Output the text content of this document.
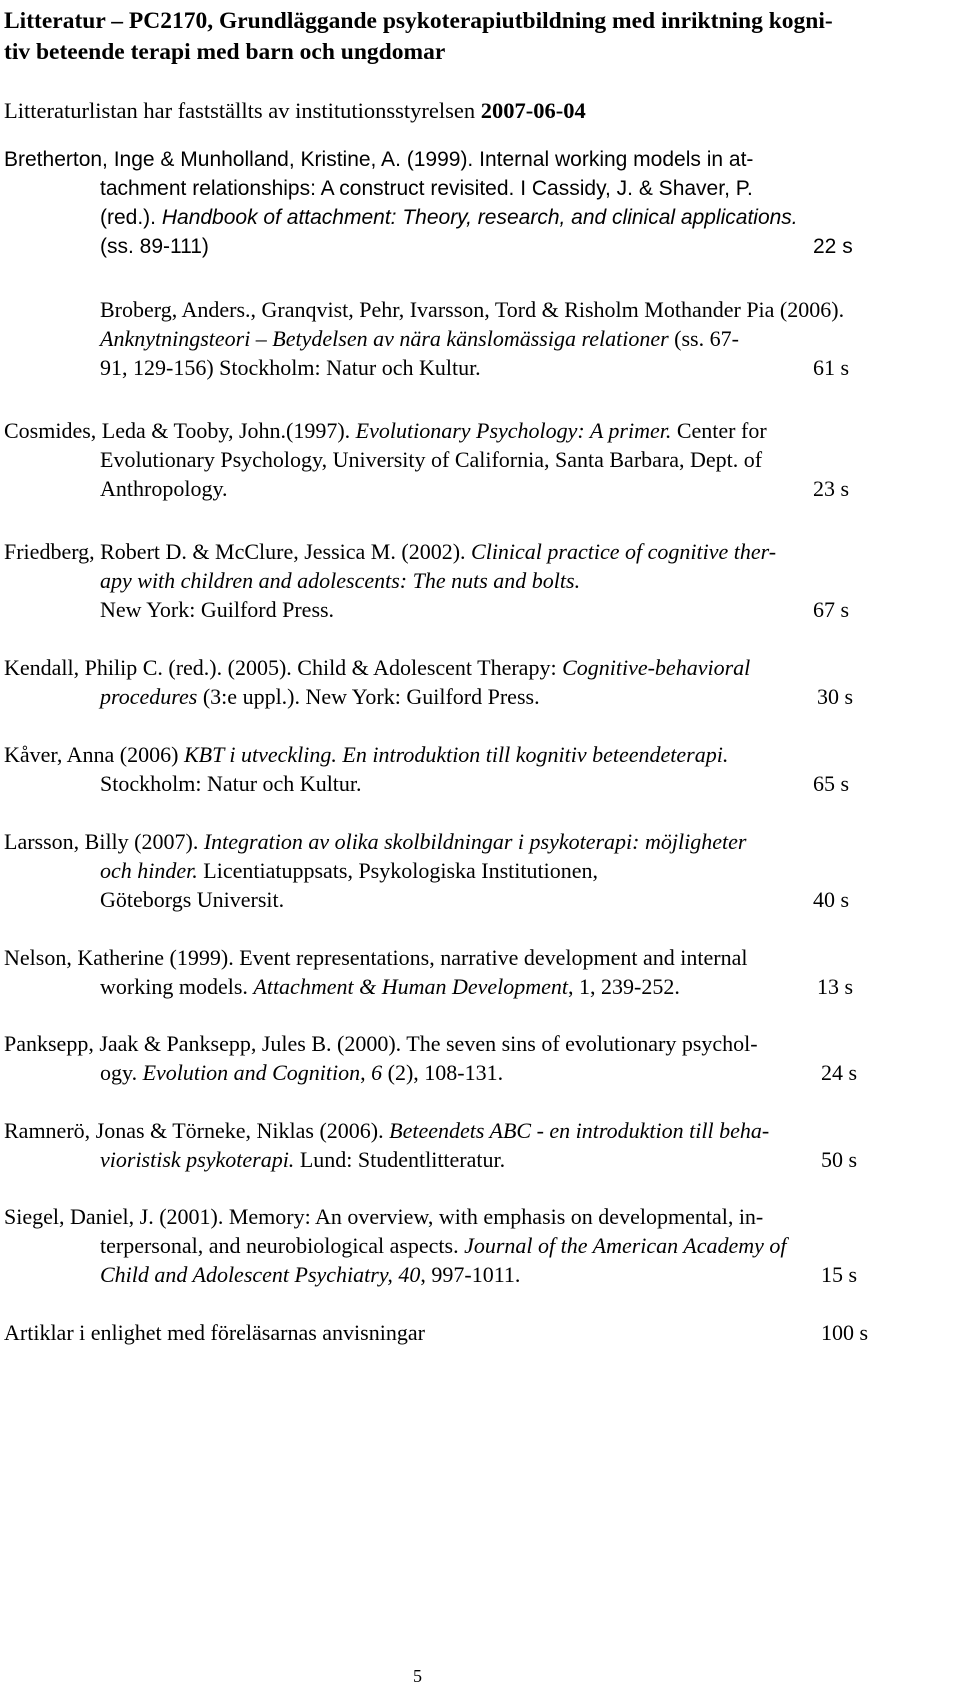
Litteratur – PC2170, Grundläggande psykoterapiutbildning med inriktning kogni-
tiv beteende terapi med barn och ungdomar
Litteraturlistan har fastställts av institutionsstyrelsen 2007-06-04
Bretherton, Inge & Munholland, Kristine, A. (1999). Internal working models in at-
tachment relationships: A construct revisited. I Cassidy, J. & Shaver, P.
(red.). Handbook of attachment: Theory, research, and clinical applications.
(ss. 89-111)	22 s
Broberg, Anders., Granqvist, Pehr, Ivarsson, Tord & Risholm Mothander Pia (2006).
Anknytningsteori – Betydelsen av nära känslomässiga relationer (ss. 67-
91, 129-156) Stockholm: Natur och Kultur.	61 s
Cosmides, Leda & Tooby, John.(1997). Evolutionary Psychology: A primer. Center for
Evolutionary Psychology, University of California, Santa Barbara, Dept. of
Anthropology.	23 s
Friedberg, Robert D. & McClure, Jessica M. (2002). Clinical practice of cognitive ther-
apy with children and adolescents: The nuts and bolts.
New York: Guilford Press.	67 s
Kendall, Philip C. (red.). (2005). Child & Adolescent Therapy: Cognitive-behavioral
procedures (3:e uppl.). New York: Guilford Press.	30 s
Kåver, Anna (2006) KBT i utveckling. En introduktion till kognitiv beteendeterapi.
Stockholm: Natur och Kultur.	65 s
Larsson, Billy (2007). Integration av olika skolbildningar i psykoterapi: möjligheter
och hinder. Licentiatuppsats, Psykologiska Institutionen,
Göteborgs Universit.	40 s
Nelson, Katherine (1999). Event representations, narrative development and internal
working models. Attachment & Human Development, 1, 239-252.	13 s
Panksepp, Jaak & Panksepp, Jules B. (2000). The seven sins of evolutionary psychol-
ogy. Evolution and Cognition, 6 (2), 108-131.	24 s
Ramnerö, Jonas & Törneke, Niklas (2006). Beteendets ABC - en introduktion till beha-
vioristisk psykoterapi. Lund: Studentlitteratur.	50 s
Siegel, Daniel, J. (2001). Memory: An overview, with emphasis on developmental, in-
terpersonal, and neurobiological aspects. Journal of the American Academy of
Child and Adolescent Psychiatry, 40, 997-1011.	15 s
Artiklar i enlighet med föreläsarnas anvisningar	100 s
5
